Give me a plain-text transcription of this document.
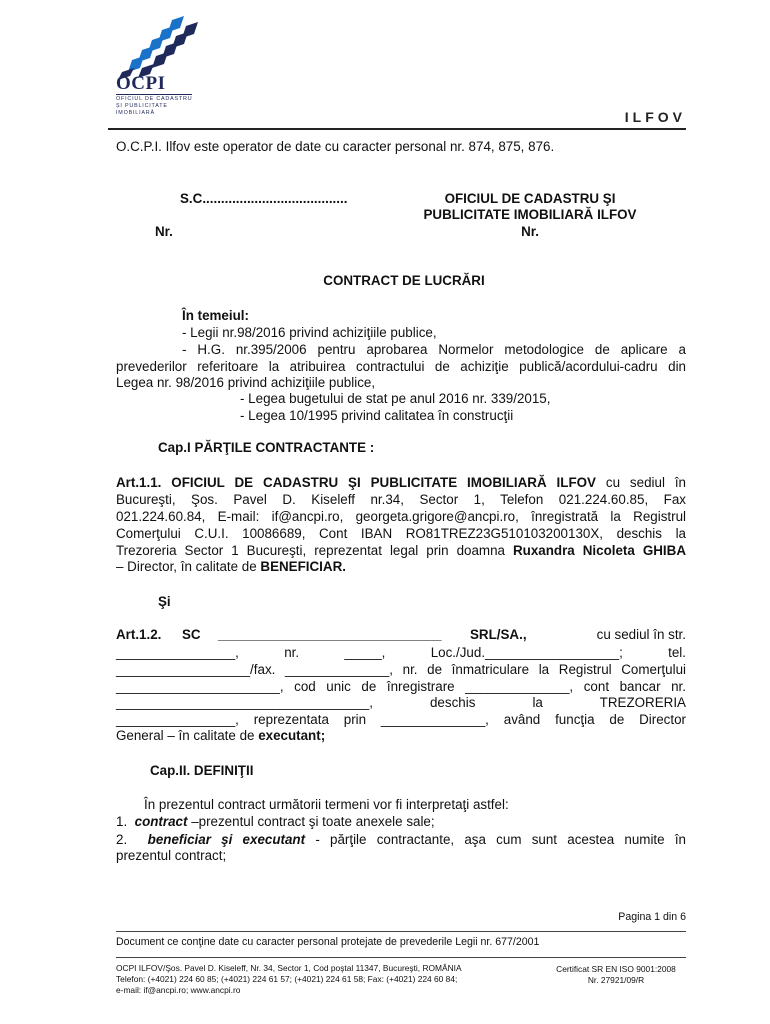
OCPI
OFICIUL DE CADASTRU
ȘI PUBLICITATE
IMOBILIARĂ	ILFOV
O.C.P.I. Ilfov este operator de date cu caracter personal nr. 874, 875, 876.
S.C.......................................
Nr.
OFICIUL DE CADASTRU ŞI
PUBLICITATE IMOBILIARĂ ILFOV
Nr.
CONTRACT DE LUCRĂRI
În temeiul:
- Legii nr.98/2016 privind achiziţiile publice,
- H.G. nr.395/2006 pentru aprobarea Normelor metodologice de aplicare a
prevederilor referitoare la atribuirea contractului de achiziţie publică/acordului-cadru din
Legea nr. 98/2016 privind achiziţiile publice,
- Legea bugetului de stat pe anul 2016 nr. 339/2015,
- Legea 10/1995 privind calitatea în construcţii
Cap.I PĂRŢILE CONTRACTANTE :
Art.1.1. OFICIUL DE CADASTRU ŞI PUBLICITATE IMOBILIARĂ ILFOV cu sediul în
Bucureşti, Şos. Pavel D. Kiseleff nr.34, Sector 1, Telefon 021.224.60.85, Fax
021.224.60.84, E-mail: if@ancpi.ro, georgeta.grigore@ancpi.ro, înregistrată la Registrul
Comerţului C.U.I. 10086689, Cont IBAN RO81TREZ23G510103200130X, deschis la
Trezoreria Sector 1 Bucureşti, reprezentat legal prin doamna Ruxandra Nicoleta GHIBA
– Director, în calitate de BENEFICIAR.
Şi
Art.1.2. SC ______________________________ SRL/SA.,	cu sediul în str.
________________, nr. _____, Loc./Jud.__________________; tel.
__________________/fax. ______________, nr. de înmatriculare la Registrul Comerţului
______________________, cod unic de înregistrare ______________, cont bancar nr.
__________________________________, deschis la TREZORERIA
________________, reprezentata prin ______________, având funcţia de Director
General – în calitate de executant;
Cap.II. DEFINIŢII
În prezentul contract următorii termeni vor fi interpretaţi astfel:
1. contract –prezentul contract şi toate anexele sale;
2. beneficiar şi executant - părţile contractante, aşa cum sunt acestea numite în
prezentul contract;
Pagina 1 din 6
Document ce conţine date cu caracter personal protejate de prevederile Legii nr. 677/2001
OCPI ILFOV/Şos. Pavel D. Kiseleff, Nr. 34, Sector 1, Cod poştal 11347, Bucureşti, ROMÂNIA
Telefon: (+4021) 224 60 85; (+4021) 224 61 57; (+4021) 224 61 58; Fax: (+4021) 224 60 84;
e-mail: if@ancpi.ro; www.ancpi.ro
Certificat SR EN ISO 9001:2008
Nr. 27921/09/R
